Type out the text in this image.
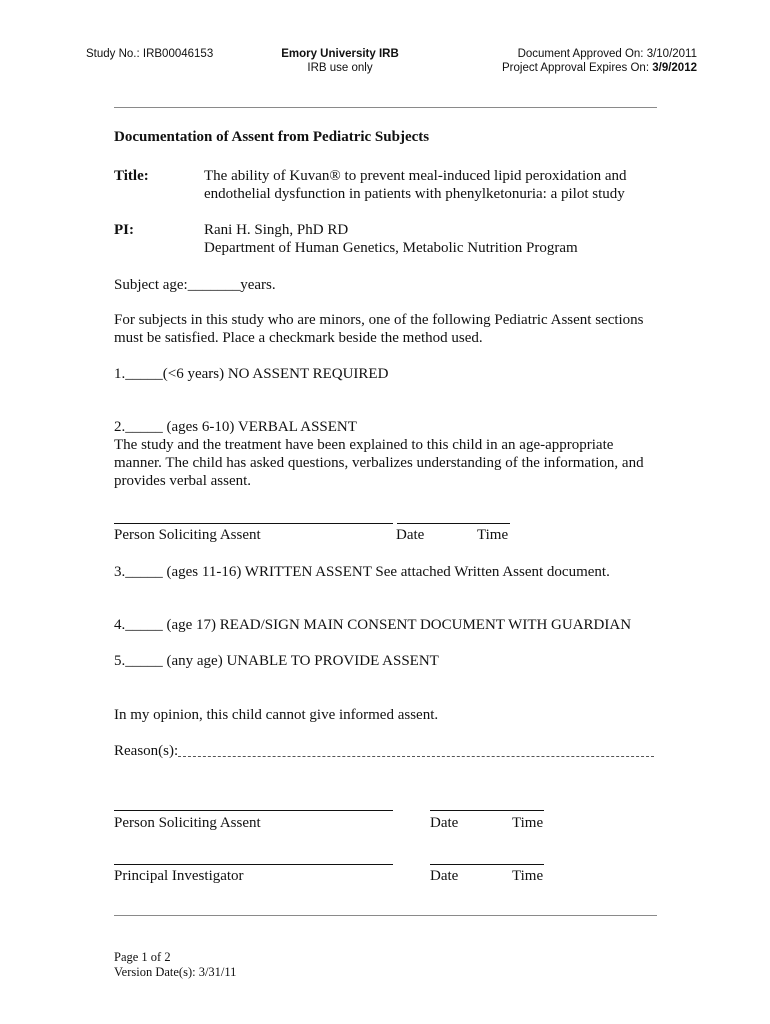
Study No.: IRB00046153	Emory University IRB
IRB use only
Document Approved On: 3/10/2011
Project Approval Expires On: 3/9/2012
Documentation of Assent from Pediatric Subjects
Title:	The ability of Kuvan® to prevent meal-induced lipid peroxidation and
endothelial dysfunction in patients with phenylketonuria: a pilot study
PI:	Rani H. Singh, PhD RD
Department of Human Genetics, Metabolic Nutrition Program
Subject age:_______years.
For subjects in this study who are minors, one of the following Pediatric Assent sections
must be satisfied. Place a checkmark beside the method used.
1._____(<6 years) NO ASSENT REQUIRED
2._____ (ages 6-10) VERBAL ASSENT
The study and the treatment have been explained to this child in an age-appropriate
manner. The child has asked questions, verbalizes understanding of the information, and
provides verbal assent.
Person Soliciting Assent	Date	Time
3._____ (ages 11-16) WRITTEN ASSENT See attached Written Assent document.
4._____ (age 17) READ/SIGN MAIN CONSENT DOCUMENT WITH GUARDIAN
5._____ (any age) UNABLE TO PROVIDE ASSENT
In my opinion, this child cannot give informed assent.
Reason(s):
Person Soliciting Assent	Date	Time
Principal Investigator	Date	Time
Page 1 of 2
Version Date(s): 3/31/11
